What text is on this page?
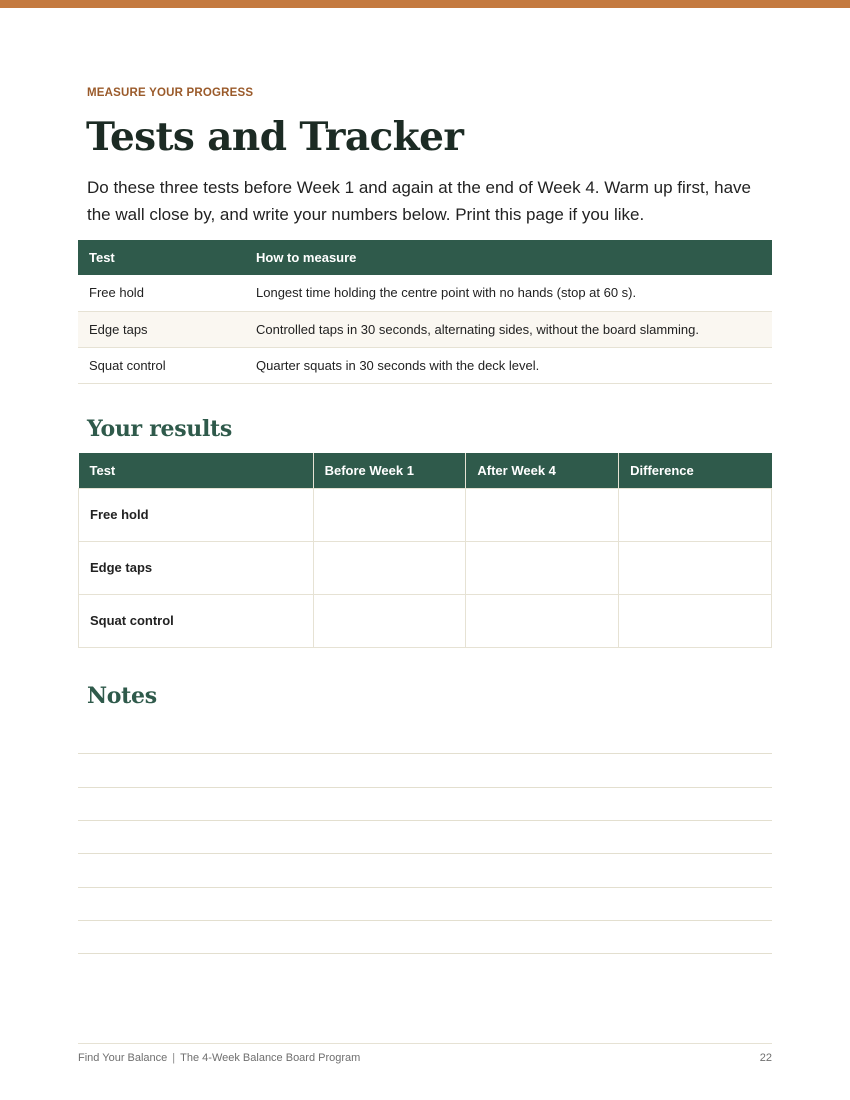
MEASURE YOUR PROGRESS
Tests and Tracker

Do these three tests before Week 1 and again at the end of Week 4. Warm up first, have the wall close by, and write your numbers below. Print this page if you like.

Test	How to measure
Free hold	Longest time holding the centre point with no hands (stop at 60 s).
Edge taps	Controlled taps in 30 seconds, alternating sides, without the board slamming.
Squat control	Quarter squats in 30 seconds with the deck level.
Your results
Test	Before Week 1	After Week 4	Difference
Free hold			
Edge taps			
Squat control			
Notes
Find Your Balance | The 4-Week Balance Board Program	22
